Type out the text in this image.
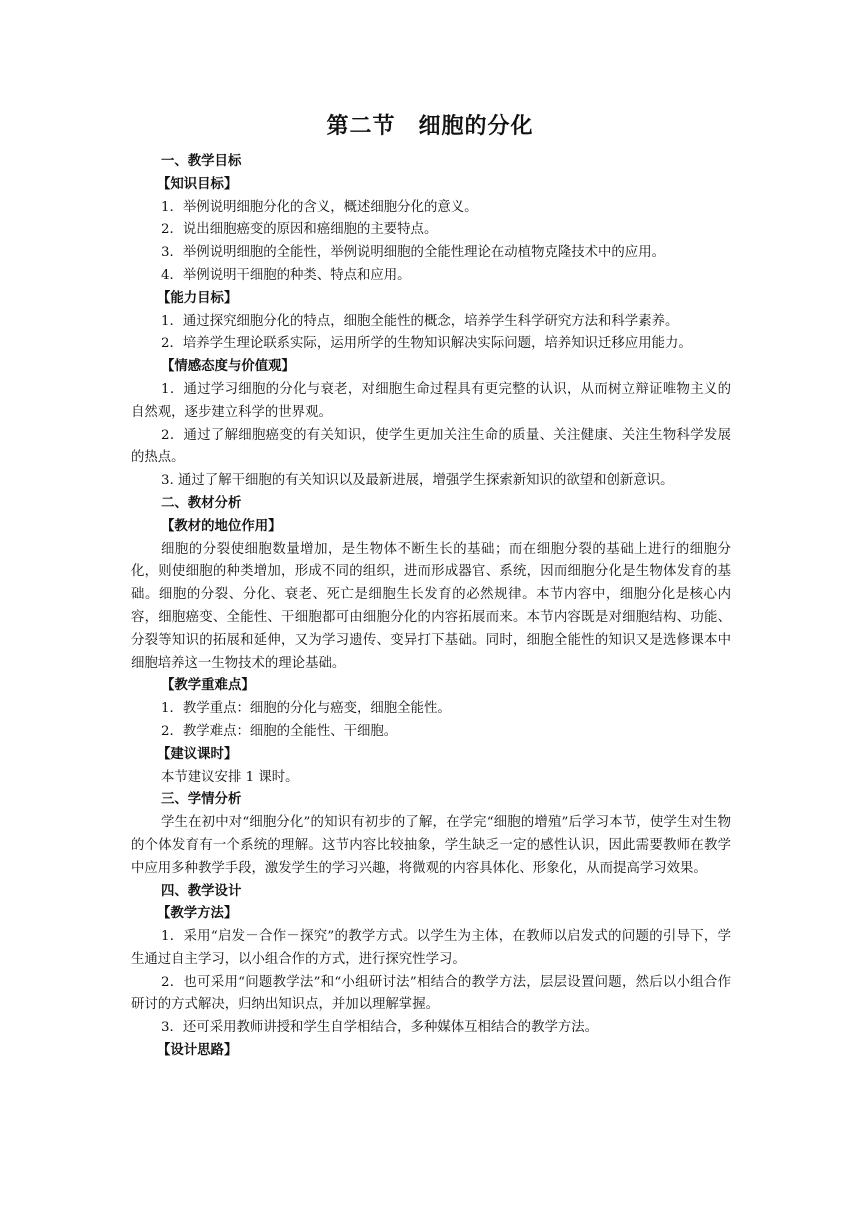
第二节　细胞的分化

一、教学目标

【知识目标】

1．举例说明细胞分化的含义，概述细胞分化的意义。

2．说出细胞癌变的原因和癌细胞的主要特点。

3．举例说明细胞的全能性，举例说明细胞的全能性理论在动植物克隆技术中的应用。

4．举例说明干细胞的种类、特点和应用。

【能力目标】

1．通过探究细胞分化的特点，细胞全能性的概念，培养学生科学研究方法和科学素养。

2．培养学生理论联系实际，运用所学的生物知识解决实际问题，培养知识迁移应用能力。

【情感态度与价值观】

1．通过学习细胞的分化与衰老，对细胞生命过程具有更完整的认识，从而树立辩证唯物主义的自然观，逐步建立科学的世界观。

2．通过了解细胞癌变的有关知识，使学生更加关注生命的质量、关注健康、关注生物科学发展的热点。

3. 通过了解干细胞的有关知识以及最新进展，增强学生探索新知识的欲望和创新意识。

二、教材分析

【教材的地位作用】

细胞的分裂使细胞数量增加，是生物体不断生长的基础；而在细胞分裂的基础上进行的细胞分化，则使细胞的种类增加，形成不同的组织，进而形成器官、系统，因而细胞分化是生物体发育的基础。细胞的分裂、分化、衰老、死亡是细胞生长发育的必然规律。本节内容中，细胞分化是核心内容，细胞癌变、全能性、干细胞都可由细胞分化的内容拓展而来。本节内容既是对细胞结构、功能、分裂等知识的拓展和延伸，又为学习遗传、变异打下基础。同时，细胞全能性的知识又是选修课本中细胞培养这一生物技术的理论基础。

【教学重难点】

1．教学重点：细胞的分化与癌变，细胞全能性。

2．教学难点：细胞的全能性、干细胞。

【建议课时】

本节建议安排 1 课时。

三、学情分析

学生在初中对“细胞分化”的知识有初步的了解，在学完“细胞的增殖”后学习本节，使学生对生物的个体发育有一个系统的理解。这节内容比较抽象，学生缺乏一定的感性认识，因此需要教师在教学中应用多种教学手段，激发学生的学习兴趣，将微观的内容具体化、形象化，从而提高学习效果。

四、教学设计

【教学方法】

1．采用“启发－合作－探究”的教学方式。以学生为主体，在教师以启发式的问题的引导下，学生通过自主学习，以小组合作的方式，进行探究性学习。

2．也可采用“问题教学法”和“小组研讨法”相结合的教学方法，层层设置问题，然后以小组合作研讨的方式解决，归纳出知识点，并加以理解掌握。

3．还可采用教师讲授和学生自学相结合，多种媒体互相结合的教学方法。

【设计思路】
